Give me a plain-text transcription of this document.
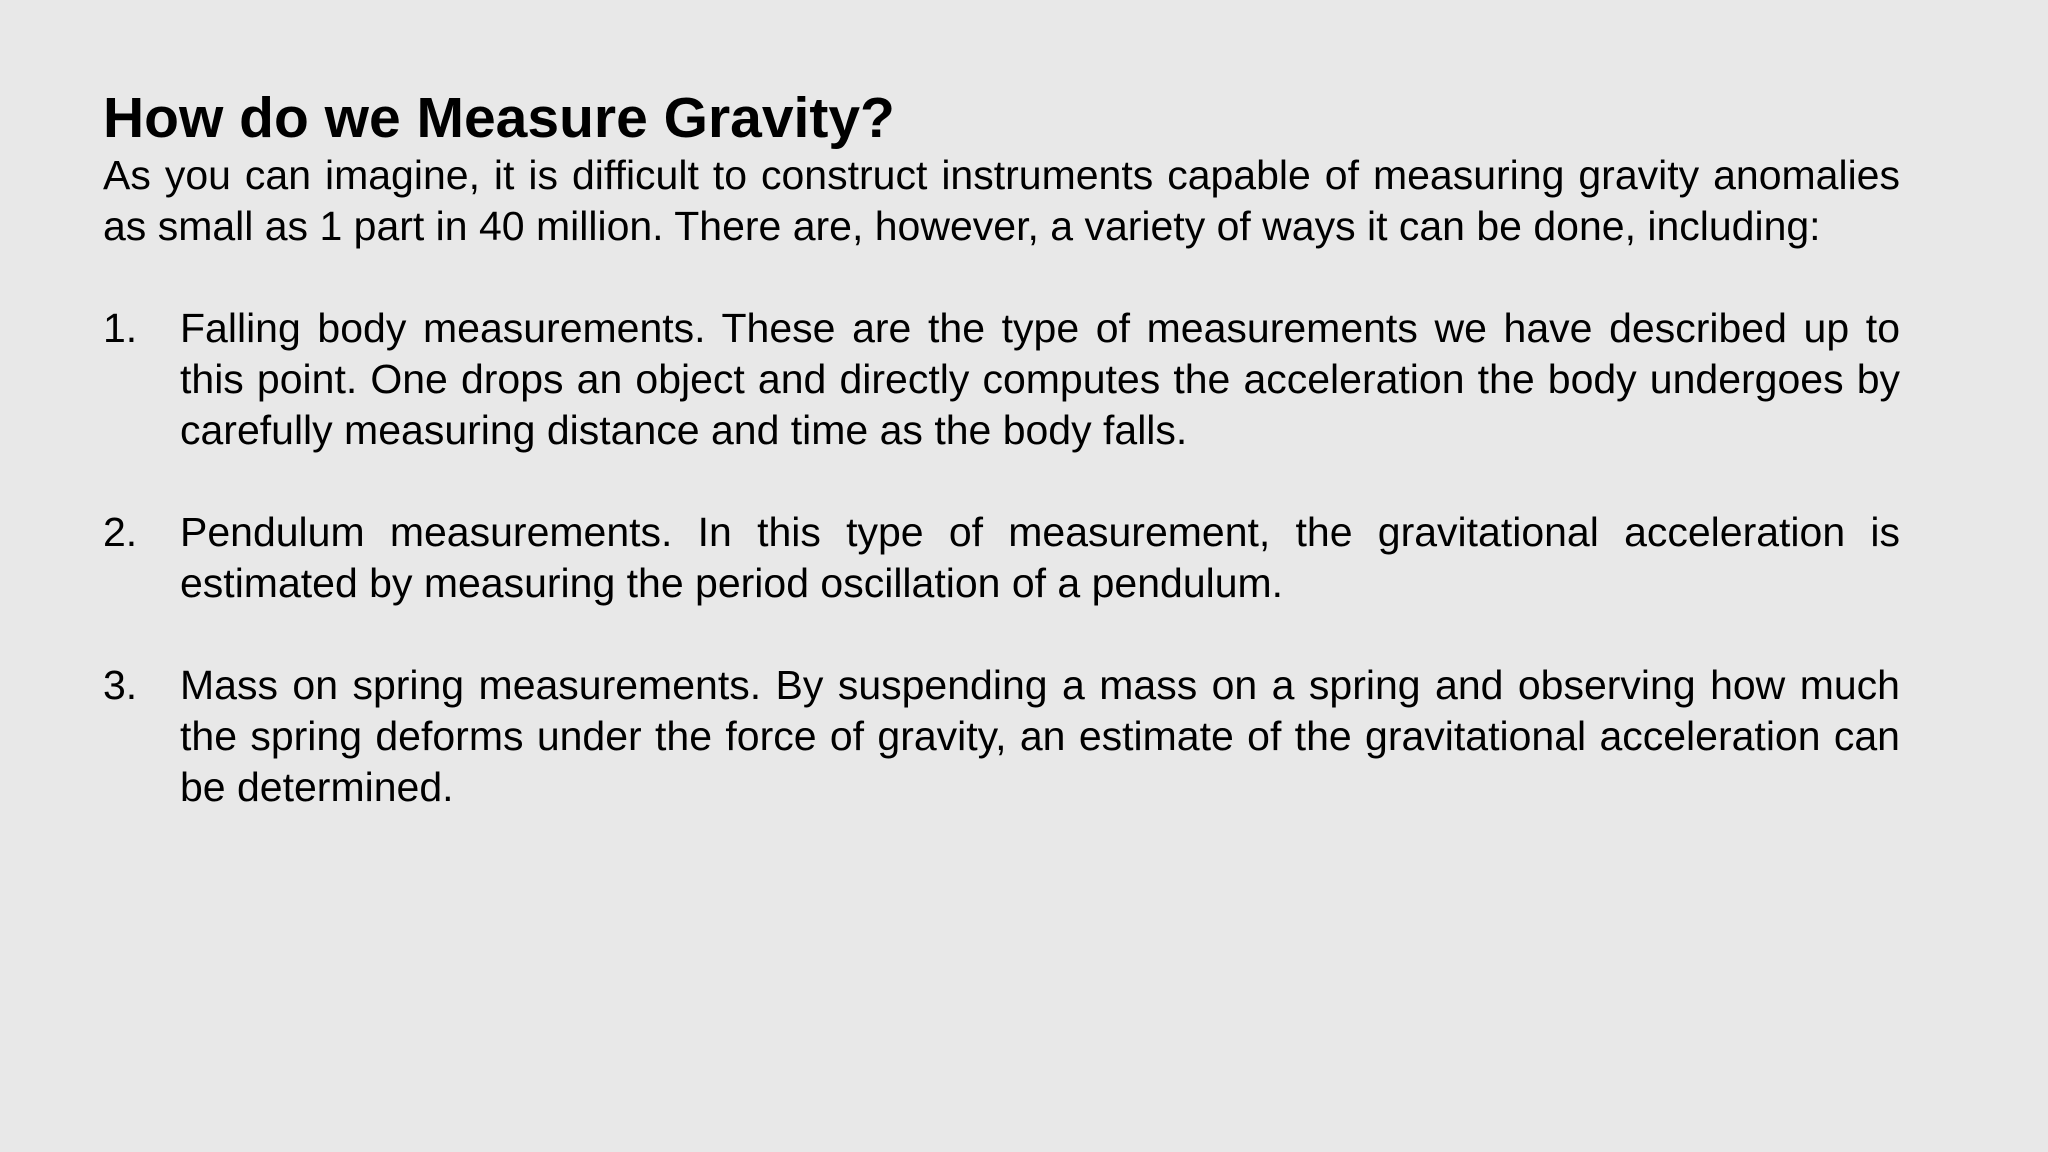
How do we Measure Gravity?

As you can imagine, it is difficult to construct instruments capable of measuring gravity anomalies as small as 1 part in 40 million. There are, however, a variety of ways it can be done, including:

1. Falling body measurements. These are the type of measurements we have described up to this point. One drops an object and directly computes the acceleration the body undergoes by carefully measuring distance and time as the body falls.
2. Pendulum measurements. In this type of measurement, the gravitational acceleration is estimated by measuring the period oscillation of a pendulum.
3. Mass on spring measurements. By suspending a mass on a spring and observing how much the spring deforms under the force of gravity, an estimate of the gravitational acceleration can be determined.
